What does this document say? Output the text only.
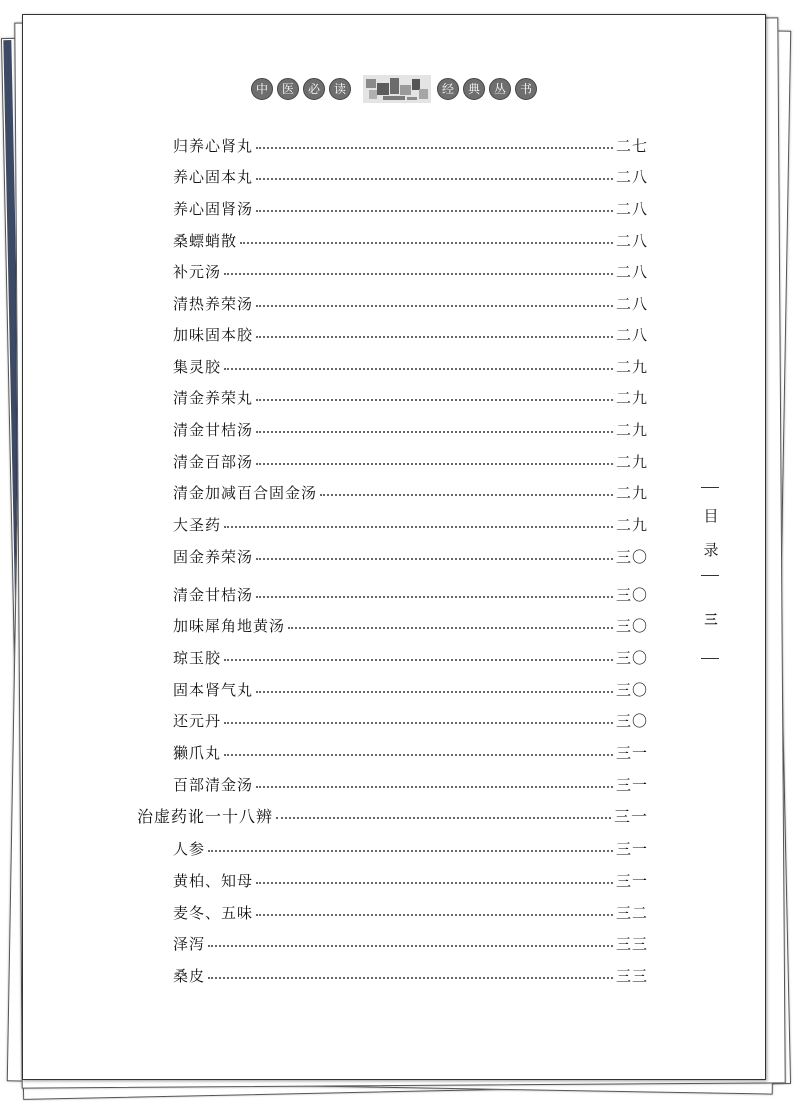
中	医	必	读	经	典	丛	书
归养心肾丸	二七
养心固本丸	二八
养心固肾汤	二八
桑螵蛸散	二八
补元汤	二八
清热养荣汤	二八
加味固本胶	二八
集灵胶	二九
清金养荣丸	二九
清金甘桔汤	二九
清金百部汤	二九
清金加减百合固金汤	二九
大圣药	二九
固金养荣汤	三〇
清金甘桔汤	三〇
加味犀角地黄汤	三〇
琼玉胶	三〇
固本肾气丸	三〇
还元丹	三〇
獭爪丸	三一
百部清金汤	三一
治虚药讹一十八辨	三一
人参	三一
黄柏、知母	三一
麦冬、五味	三二
泽泻	三三
桑皮	三三
目
录
三
